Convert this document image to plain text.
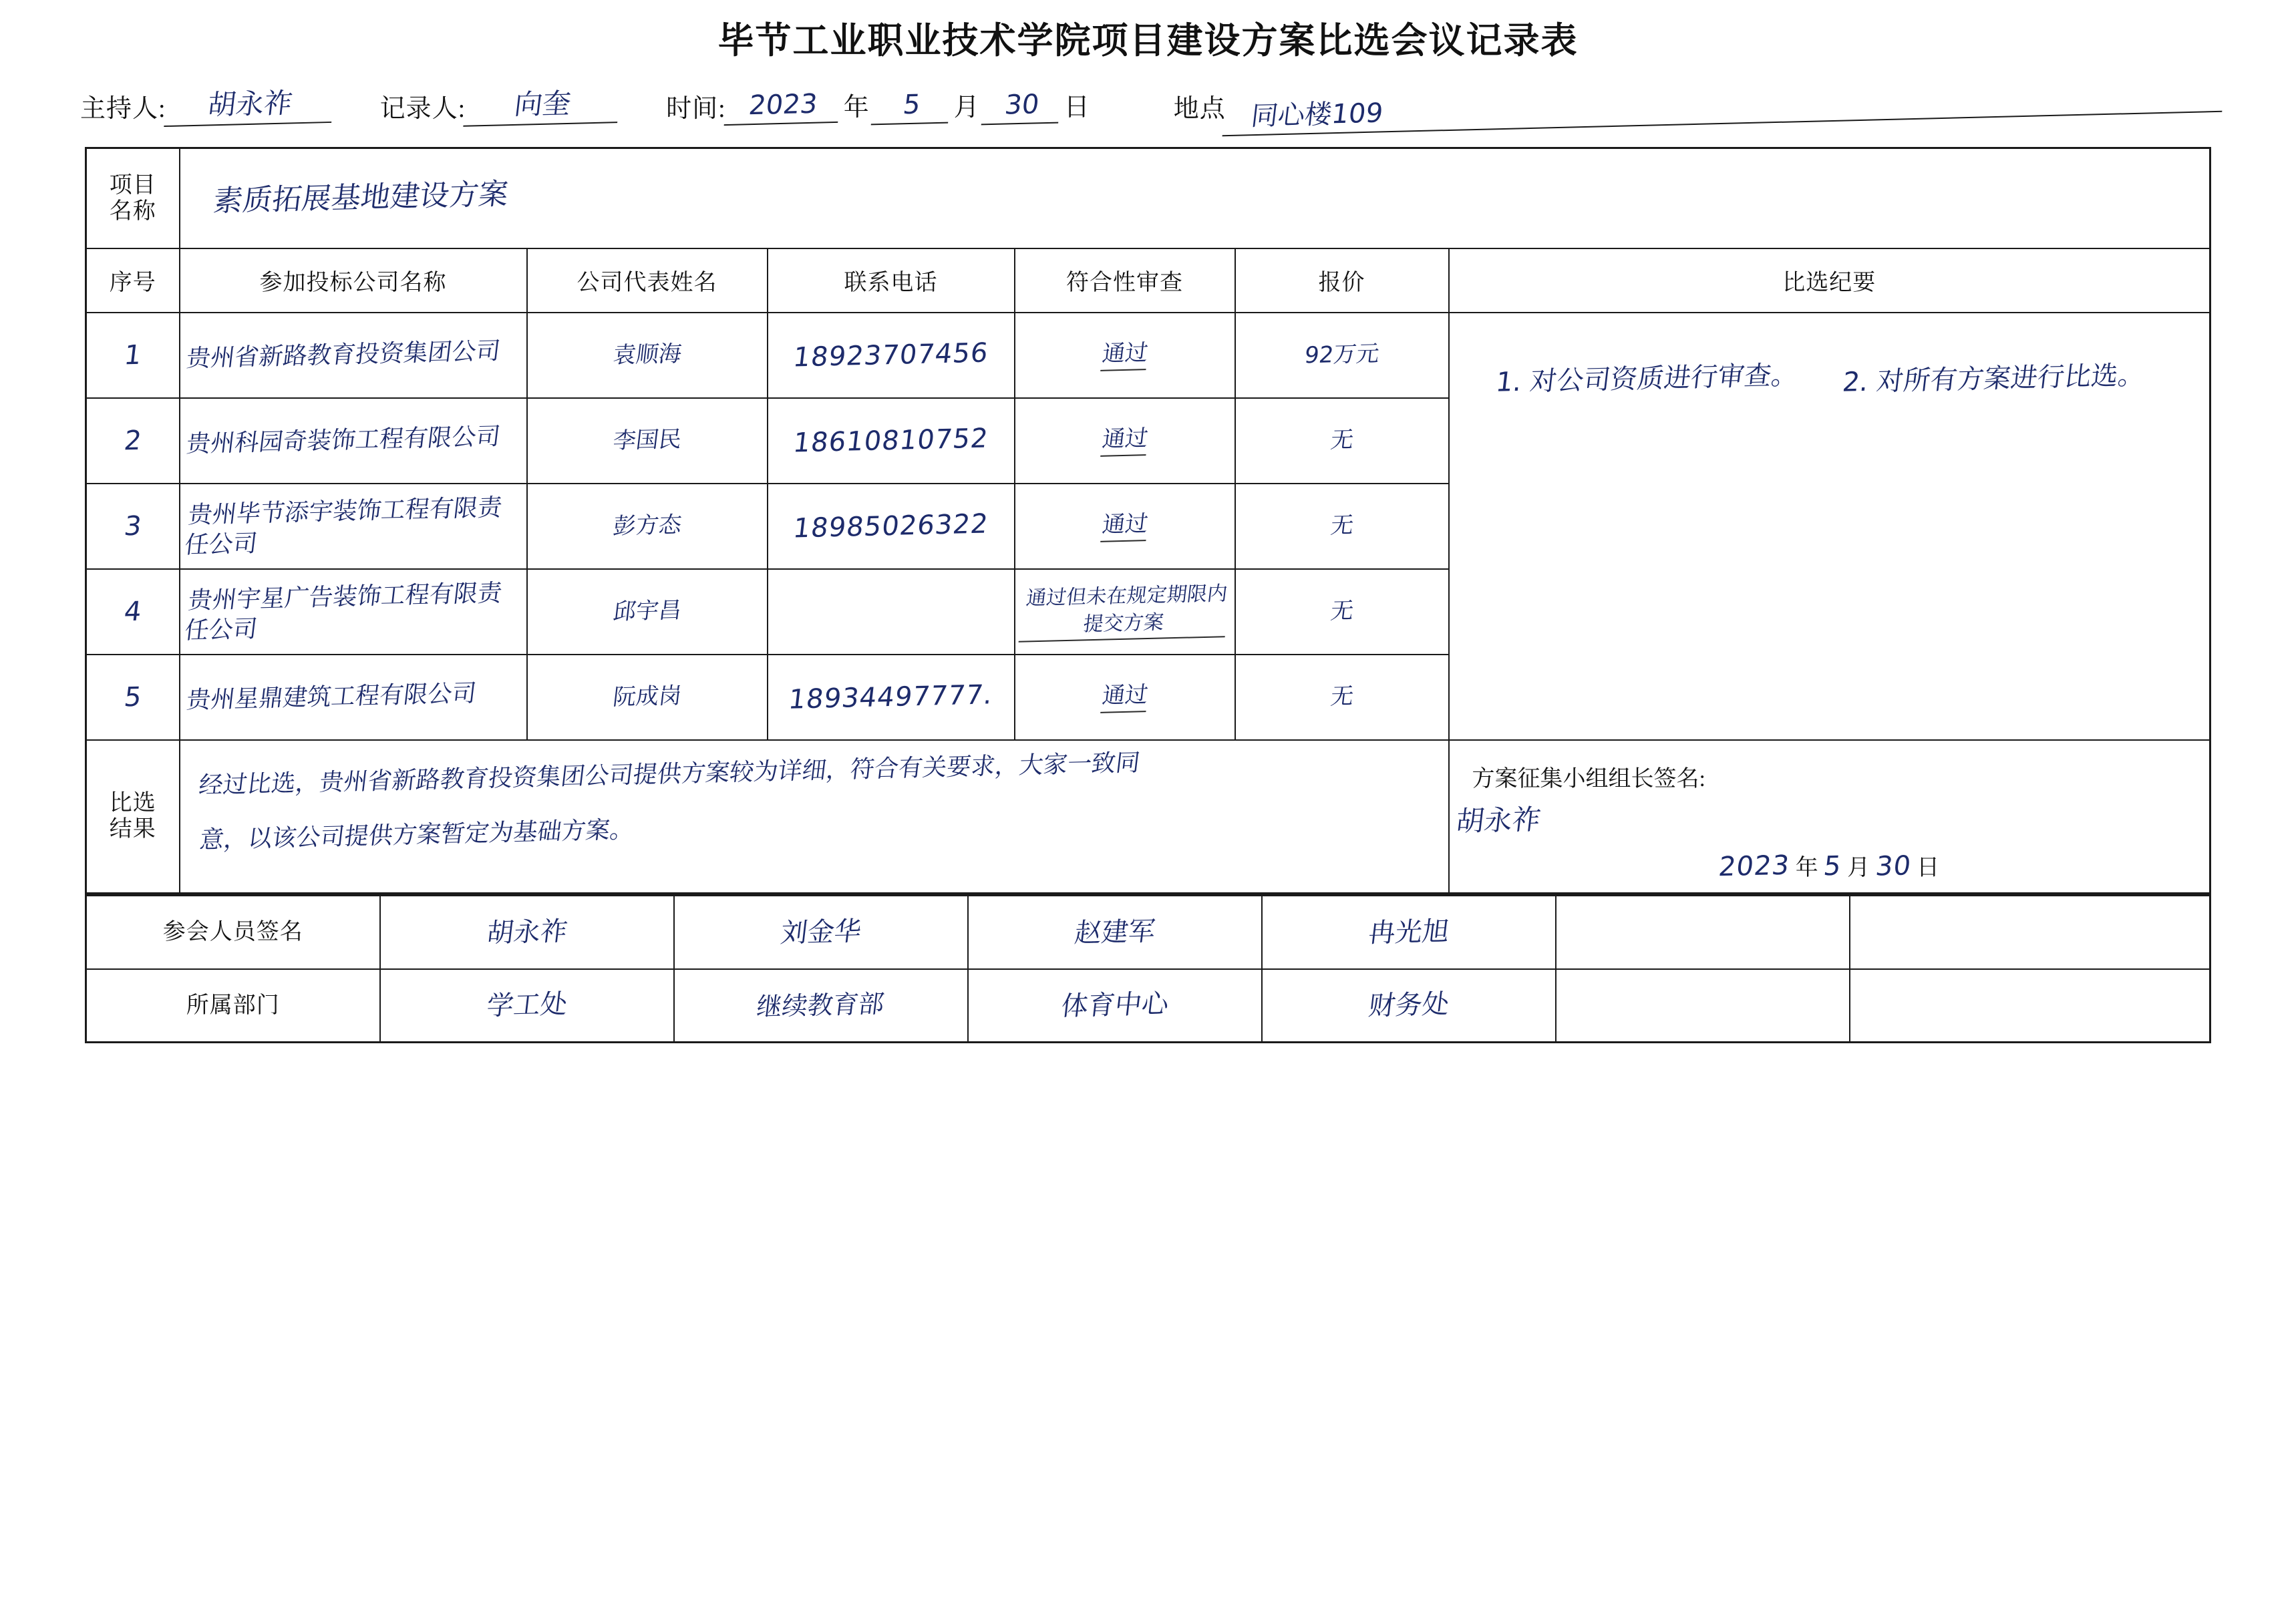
毕节工业职业技术学院项目建设方案比选会议记录表
主持人:	胡永祚	记录人:	向奎	时间: 2023 年	5	月 30 日	地点 同心楼109
项目
名称	素质拓展基地建设方案					
序号	参加投标公司名称	公司代表姓名	联系电话	符合性审查	报价	比选纪要
1	贵州省新路教育投资集团公司	袁顺海	18923707456	通过	92万元	1. 对公司资质进行审查。 2. 对所有方案进行比选。
2	贵州科园奇装饰工程有限公司	李国民	18610810752	通过	无	
3	贵州毕节添宇装饰工程有限责任公司	彭方态	18985026322	通过	无	
4	贵州宇星广告装饰工程有限责任公司	邱宇昌		通过但未在规定期限内提交方案	无	
5	贵州星鼎建筑工程有限公司	阮成岗	18934497777.	通过	无	

比选
结果
	经过比选，贵州省新路教育投资集团公司提供方案较为详细，符合有关要求，大家一致同 意，以该公司提供方案暂定为基础方案。	
方案征集小组组长签名:
胡永祚
2023 年 5 月 30 日
参会人员签名	胡永祚	刘金华	赵建军	冉光旭		
所属部门	学工处	继续教育部	体育中心	财务处		
